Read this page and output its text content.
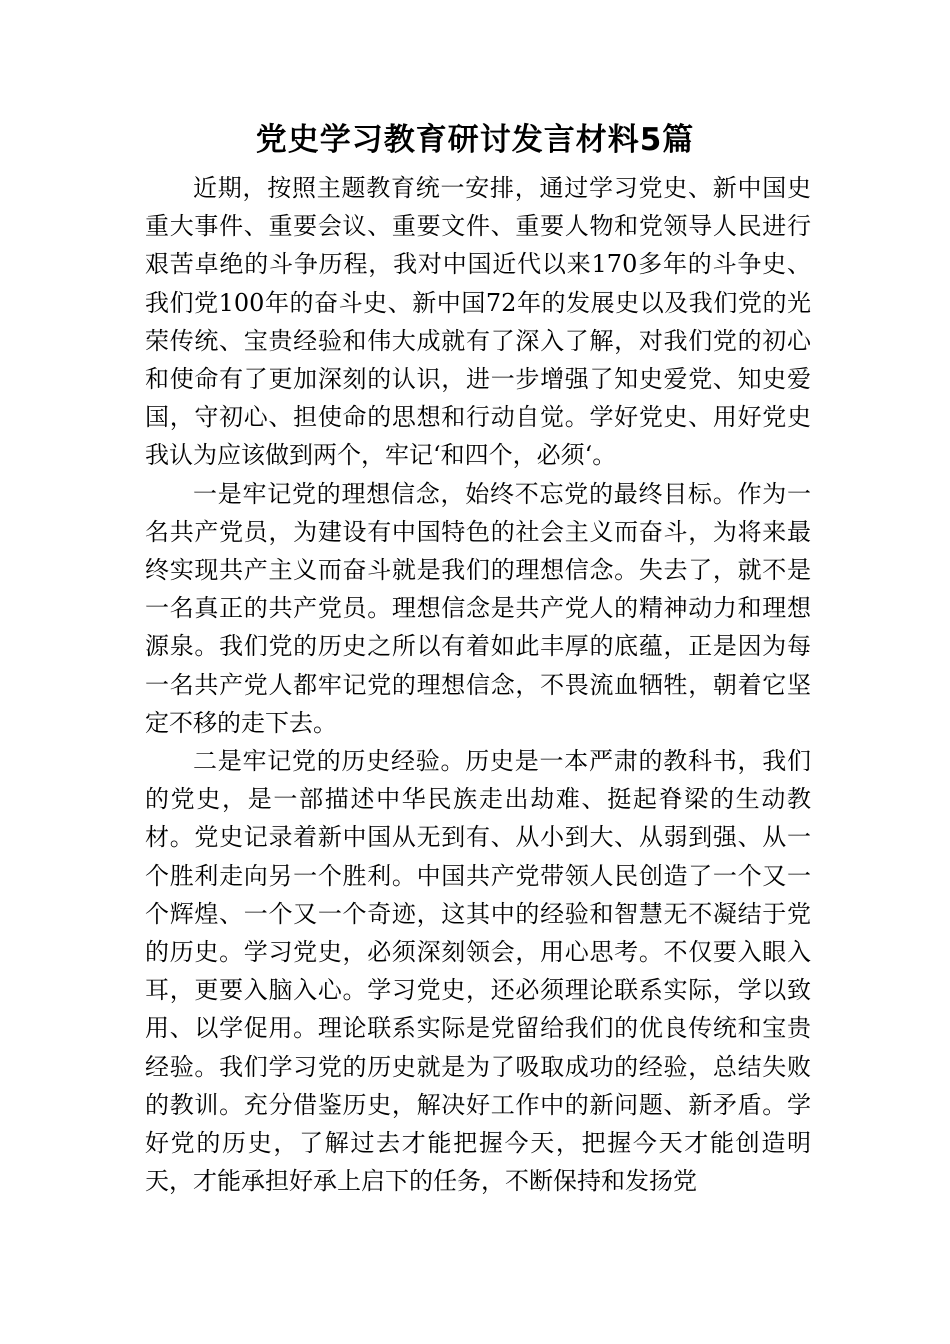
党史学习教育研讨发言材料5篇

近期，按照主题教育统一安排，通过学习党史、新中国史重大事件、重要会议、重要文件、重要人物和党领导人民进行艰苦卓绝的斗争历程，我对中国近代以来170多年的斗争史、我们党100年的奋斗史、新中国72年的发展史以及我们党的光荣传统、宝贵经验和伟大成就有了深入了解，对我们党的初心和使命有了更加深刻的认识，进一步增强了知史爱党、知史爱国，守初心、担使命的思想和行动自觉。学好党史、用好党史我认为应该做到两个，牢记‘和四个，必须‘。

一是牢记党的理想信念，始终不忘党的最终目标。作为一名共产党员，为建设有中国特色的社会主义而奋斗，为将来最终实现共产主义而奋斗就是我们的理想信念。失去了，就不是一名真正的共产党员。理想信念是共产党人的精神动力和理想源泉。我们党的历史之所以有着如此丰厚的底蕴，正是因为每一名共产党人都牢记党的理想信念，不畏流血牺牲，朝着它坚定不移的走下去。

二是牢记党的历史经验。历史是一本严肃的教科书，我们的党史，是一部描述中华民族走出劫难、挺起脊梁的生动教材。党史记录着新中国从无到有、从小到大、从弱到强、从一个胜利走向另一个胜利。中国共产党带领人民创造了一个又一个辉煌、一个又一个奇迹，这其中的经验和智慧无不凝结于党的历史。学习党史，必须深刻领会，用心思考。不仅要入眼入耳，更要入脑入心。学习党史，还必须理论联系实际，学以致用、以学促用。理论联系实际是党留给我们的优良传统和宝贵经验。我们学习党的历史就是为了吸取成功的经验，总结失败的教训。充分借鉴历史，解决好工作中的新问题、新矛盾。学好党的历史，了解过去才能把握今天，把握今天才能创造明天，才能承担好承上启下的任务，不断保持和发扬党
